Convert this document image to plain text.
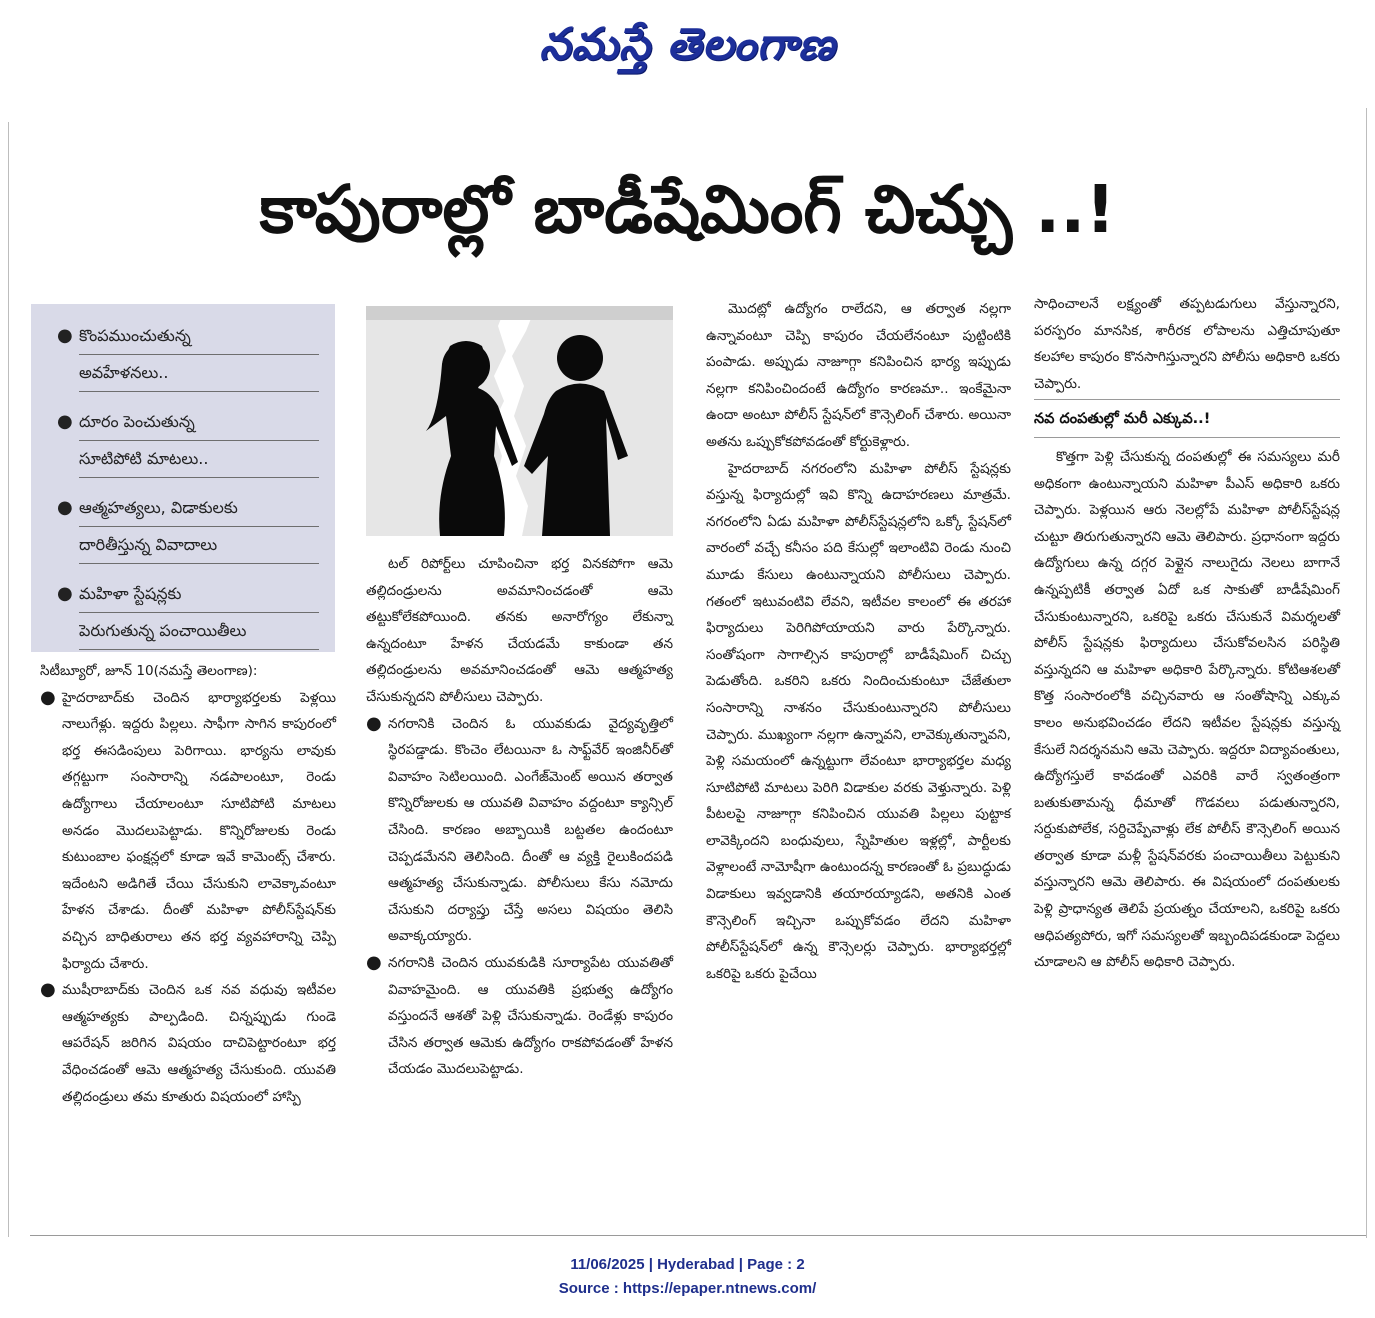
నమస్తే తెలంగాణ
కాపురాల్లో బాడీషేమింగ్ చిచ్చు ..!
● కొంపముంచుతున్న
అవహేళనలు..
● దూరం పెంచుతున్న
సూటిపోటి మాటలు..
● ఆత్మహత్యలు, విడాకులకు
దారితీస్తున్న వివాదాలు
● మహిళా స్టేషన్లకు
పెరుగుతున్న పంచాయితీలు

సిటీబ్యూరో, జూన్ 10(నమస్తే తెలంగాణ):

● హైదరాబాద్‌కు చెందిన భార్యాభర్తలకు పెళ్లయి నాలుగేళ్లు. ఇద్దరు పిల్లలు. సాఫీగా సాగిన కాపురంలో భర్త ఈసడింపులు పెరిగాయి. భార్యను లావుకు తగ్గట్టుగా సంసారాన్ని నడపాలంటూ, రెండు ఉద్యోగాలు చేయాలంటూ సూటిపోటి మాటలు అనడం మొదలుపెట్టాడు. కొన్నిరోజులకు రెండు కుటుంబాల ఫంక్షన్లలో కూడా ఇవే కామెంట్స్ చేశారు. ఇదేంటని అడిగితే చేయి చేసుకుని లావెక్కావంటూ హేళన చేశాడు. దీంతో మహిళా పోలీస్‌స్టేషన్‌కు వచ్చిన బాధితురాలు తన భర్త వ్యవహారాన్ని చెప్పి ఫిర్యాదు చేశారు.

● ముషీరాబాద్‌కు చెందిన ఒక నవ వధువు ఇటీవల ఆత్మహత్యకు పాల్పడింది. చిన్నప్పుడు గుండె ఆపరేషన్ జరిగిన విషయం దాచిపెట్టారంటూ భర్త వేధించడంతో ఆమె ఆత్మహత్య చేసుకుంది. యువతి తల్లిదండ్రులు తమ కూతురు విషయంలో హాస్పి

టల్ రిపోర్ట్‌లు చూపించినా భర్త వినకపోగా ఆమె తల్లిదండ్రులను అవమానించడంతో ఆమె తట్టుకోలేకపోయింది. తనకు అనారోగ్యం లేకున్నా ఉన్నదంటూ హేళన చేయడమే కాకుండా తన తల్లిదండ్రులను అవమానించడంతో ఆమె ఆత్మహత్య చేసుకున్నదని పోలీసులు చెప్పారు.

● నగరానికి చెందిన ఓ యువకుడు వైద్యవృత్తిలో స్థిరపడ్డాడు. కొంచెం లేటయినా ఓ సాఫ్ట్‌వేర్ ఇంజినీర్‌తో వివాహం సెటిలయింది. ఎంగేజ్‌మెంట్ అయిన తర్వాత కొన్నిరోజులకు ఆ యువతి వివాహం వద్దంటూ క్యాన్సిల్ చేసింది. కారణం అబ్బాయికి బట్టతల ఉందంటూ చెప్పడమేనని తెలిసింది. దీంతో ఆ వ్యక్తి రైలుకిందపడి ఆత్మహత్య చేసుకున్నాడు. పోలీసులు కేసు నమోదు చేసుకుని దర్యాప్తు చేస్తే అసలు విషయం తెలిసి అవాక్కయ్యారు.

● నగరానికి చెందిన యువకుడికి సూర్యాపేట యువతితో వివాహమైంది. ఆ యువతికి ప్రభుత్వ ఉద్యోగం వస్తుందనే ఆశతో పెళ్లి చేసుకున్నాడు. రెండేళ్లు కాపురం చేసిన తర్వాత ఆమెకు ఉద్యోగం రాకపోవడంతో హేళన చేయడం మొదలుపెట్టాడు.

మొదట్లో ఉద్యోగం రాలేదని, ఆ తర్వాత నల్లగా ఉన్నావంటూ చెప్పి కాపురం చేయలేనంటూ పుట్టింటికి పంపాడు. అప్పుడు నాజూగ్గా కనిపించిన భార్య ఇప్పుడు నల్లగా కనిపించిందంటే ఉద్యోగం కారణమా.. ఇంకేమైనా ఉందా అంటూ పోలీస్ స్టేషన్‌లో కౌన్సెలింగ్ చేశారు. అయినా అతను ఒప్పుకోకపోవడంతో కోర్టుకెళ్లారు.

హైదరాబాద్ నగరంలోని మహిళా పోలీస్ స్టేషన్లకు వస్తున్న ఫిర్యాదుల్లో ఇవి కొన్ని ఉదాహరణలు మాత్రమే. నగరంలోని ఏడు మహిళా పోలీస్‌స్టేషన్లలోని ఒక్కో స్టేషన్‌లో వారంలో వచ్చే కనీసం పది కేసుల్లో ఇలాంటివి రెండు నుంచి మూడు కేసులు ఉంటున్నాయని పోలీసులు చెప్పారు. గతంలో ఇటువంటివి లేవని, ఇటీవల కాలంలో ఈ తరహా ఫిర్యాదులు పెరిగిపోయాయని వారు పేర్కొన్నారు. సంతోషంగా సాగాల్సిన కాపురాల్లో బాడీషేమింగ్ చిచ్చు పెడుతోంది. ఒకరిని ఒకరు నిందించుకుంటూ చేజేతులా సంసారాన్ని నాశనం చేసుకుంటున్నారని పోలీసులు చెప్పారు. ముఖ్యంగా నల్లగా ఉన్నావని, లావెక్కుతున్నావని, పెళ్లి సమయంలో ఉన్నట్టుగా లేవంటూ భార్యాభర్తల మధ్య సూటిపోటి మాటలు పెరిగి విడాకుల వరకు వెళ్తున్నారు. పెళ్లి పీటలపై నాజూగ్గా కనిపించిన యువతి పిల్లలు పుట్టాక లావెక్కిందని బంధువులు, స్నేహితుల ఇళ్లల్లో, పార్టీలకు వెళ్లాలంటే నామోషీగా ఉంటుందన్న కారణంతో ఓ ప్రబుద్ధుడు విడాకులు ఇవ్వడానికి తయారయ్యాడని, అతనికి ఎంత కౌన్సెలింగ్ ఇచ్చినా ఒప్పుకోవడం లేదని మహిళా పోలీస్‌స్టేషన్‌లో ఉన్న కౌన్సెలర్లు చెప్పారు. భార్యాభర్తల్లో ఒకరిపై ఒకరు పైచేయి

సాధించాలనే లక్ష్యంతో తప్పటడుగులు వేస్తున్నారని, పరస్పరం మానసిక, శారీరక లోపాలను ఎత్తిచూపుతూ కలహాల కాపురం కొనసాగిస్తున్నారని పోలీసు అధికారి ఒకరు చెప్పారు.

నవ దంపతుల్లో మరీ ఎక్కువ..!

కొత్తగా పెళ్లి చేసుకున్న దంపతుల్లో ఈ సమస్యలు మరీ అధికంగా ఉంటున్నాయని మహిళా పీఎస్ అధికారి ఒకరు చెప్పారు. పెళ్లయిన ఆరు నెలల్లోపే మహిళా పోలీస్‌స్టేషన్ల చుట్టూ తిరుగుతున్నారని ఆమె తెలిపారు. ప్రధానంగా ఇద్దరు ఉద్యోగులు ఉన్న దగ్గర పెళ్లైన నాలుగైదు నెలలు బాగానే ఉన్నప్పటికీ తర్వాత ఏదో ఒక సాకుతో బాడీషేమింగ్ చేసుకుంటున్నారని, ఒకరిపై ఒకరు చేసుకునే విమర్శలతో పోలీస్ స్టేషన్లకు ఫిర్యాదులు చేసుకోవలసిన పరిస్థితి వస్తున్నదని ఆ మహిళా అధికారి పేర్కొన్నారు. కోటిఆశలతో కొత్త సంసారంలోకి వచ్చినవారు ఆ సంతోషాన్ని ఎక్కువ కాలం అనుభవించడం లేదని ఇటీవల స్టేషన్లకు వస్తున్న కేసులే నిదర్శనమని ఆమె చెప్పారు. ఇద్దరూ విద్యావంతులు, ఉద్యోగస్తులే కావడంతో ఎవరికి వారే స్వతంత్రంగా బతుకుతామన్న ధీమాతో గొడవలు పడుతున్నారని, సర్దుకుపోలేక, సర్దిచెప్పేవాళ్లు లేక పోలీస్ కౌన్సెలింగ్ అయిన తర్వాత కూడా మళ్లీ స్టేషన్‌వరకు పంచాయితీలు పెట్టుకుని వస్తున్నారని ఆమె తెలిపారు. ఈ విషయంలో దంపతులకు పెళ్లి ప్రాధాన్యత తెలిపే ప్రయత్నం చేయాలని, ఒకరిపై ఒకరు ఆధిపత్యపోరు, ఇగో సమస్యలతో ఇబ్బందిపడకుండా పెద్దలు చూడాలని ఆ పోలీస్ అధికారి చెప్పారు.

11/06/2025 | Hyderabad | Page : 2
Source : https://epaper.ntnews.com/
